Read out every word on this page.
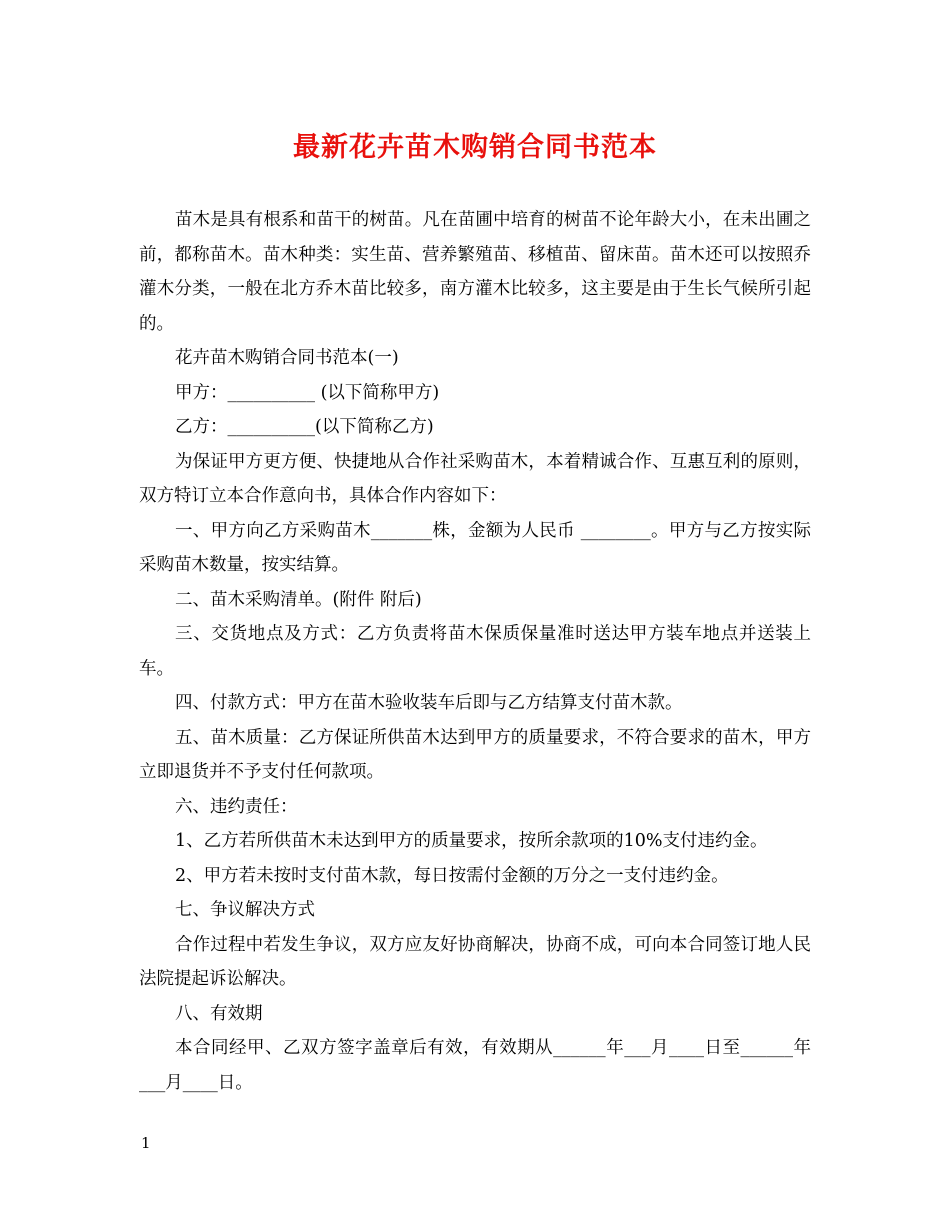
最新花卉苗木购销合同书范本

苗木是具有根系和苗干的树苗。凡在苗圃中培育的树苗不论年龄大小，在未出圃之前，都称苗木。苗木种类：实生苗、营养繁殖苗、移植苗、留床苗。苗木还可以按照乔灌木分类，一般在北方乔木苗比较多，南方灌木比较多，这主要是由于生长气候所引起的。

花卉苗木购销合同书范本(一)

甲方：__________ (以下简称甲方)

乙方：__________(以下简称乙方)

为保证甲方更方便、快捷地从合作社采购苗木，本着精诚合作、互惠互利的原则，双方特订立本合作意向书，具体合作内容如下：

一、甲方向乙方采购苗木_______株，金额为人民币 ________。甲方与乙方按实际采购苗木数量，按实结算。

二、苗木采购清单。(附件 附后)

三、交货地点及方式：乙方负责将苗木保质保量准时送达甲方装车地点并送装上车。

四、付款方式：甲方在苗木验收装车后即与乙方结算支付苗木款。

五、苗木质量：乙方保证所供苗木达到甲方的质量要求，不符合要求的苗木，甲方立即退货并不予支付任何款项。

六、违约责任：

1、乙方若所供苗木未达到甲方的质量要求，按所余款项的10%支付违约金。

2、甲方若未按时支付苗木款，每日按需付金额的万分之一支付违约金。

七、争议解决方式

合作过程中若发生争议，双方应友好协商解决，协商不成，可向本合同签订地人民法院提起诉讼解决。

八、有效期

本合同经甲、乙双方签字盖章后有效，有效期从______年___月____日至______年___月____日。

1
